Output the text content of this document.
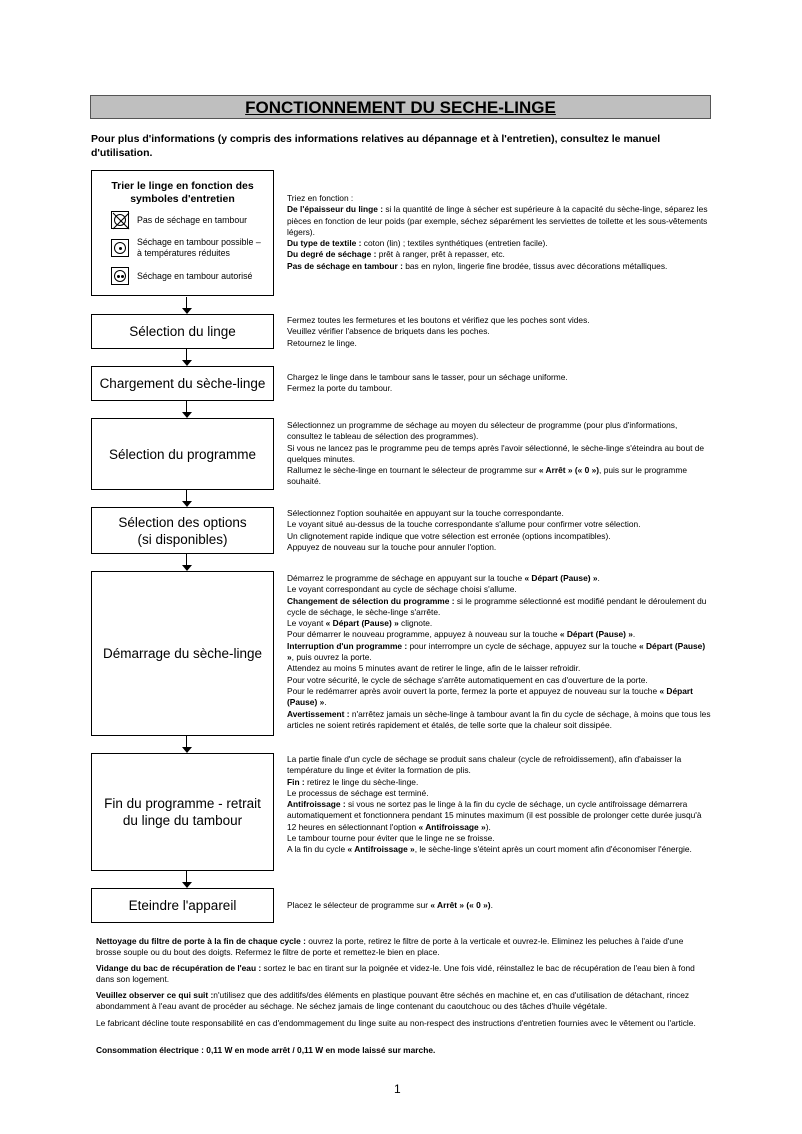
FONCTIONNEMENT DU SECHE-LINGE
Pour plus d'informations (y compris des informations relatives au dépannage et à l'entretien), consultez le manuel d'utilisation.
Trier le linge en fonction des
symboles d'entretien
Pas de séchage en tambour
Séchage en tambour possible –
à températures réduites
Séchage en tambour autorisé

Triez en fonction :

De l'épaisseur du linge : si la quantité de linge à sécher est supérieure à la capacité du sèche-linge, séparez les pièces en fonction de leur poids (par exemple, séchez séparément les serviettes de toilette et les sous-vêtements légers).

Du type de textile : coton (lin) ; textiles synthétiques (entretien facile).

Du degré de séchage : prêt à ranger, prêt à repasser, etc.

Pas de séchage en tambour : bas en nylon, lingerie fine brodée, tissus avec décorations métalliques.

Sélection du linge

Fermez toutes les fermetures et les boutons et vérifiez que les poches sont vides.

Veuillez vérifier l'absence de briquets dans les poches.

Retournez le linge.

Chargement du sèche-linge	Chargez le linge dans le tambour sans le tasser, pour un séchage uniforme.

Fermez la porte du tambour.

Sélection du programme

Sélectionnez un programme de séchage au moyen du sélecteur de programme (pour plus d'informations, consultez le tableau de sélection des programmes).

Si vous ne lancez pas le programme peu de temps après l'avoir sélectionné, le sèche-linge s'éteindra au bout de quelques minutes.

Rallumez le sèche-linge en tournant le sélecteur de programme sur « Arrêt » (« 0 »), puis sur le programme souhaité.

Sélection des options
(si disponibles)

Sélectionnez l'option souhaitée en appuyant sur la touche correspondante.

Le voyant situé au-dessus de la touche correspondante s'allume pour confirmer votre sélection.

Un clignotement rapide indique que votre sélection est erronée (options incompatibles).

Appuyez de nouveau sur la touche pour annuler l'option.

Démarrage du sèche-linge

Démarrez le programme de séchage en appuyant sur la touche « Départ (Pause) ».

Le voyant correspondant au cycle de séchage choisi s'allume.

Changement de sélection du programme : si le programme sélectionné est modifié pendant le déroulement du cycle de séchage, le sèche-linge s'arrête.

Le voyant « Départ (Pause) » clignote.

Pour démarrer le nouveau programme, appuyez à nouveau sur la touche « Départ (Pause) ».

Interruption d'un programme : pour interrompre un cycle de séchage, appuyez sur la touche « Départ (Pause) », puis ouvrez la porte.

Attendez au moins 5 minutes avant de retirer le linge, afin de le laisser refroidir.

Pour votre sécurité, le cycle de séchage s'arrête automatiquement en cas d'ouverture de la porte.

Pour le redémarrer après avoir ouvert la porte, fermez la porte et appuyez de nouveau sur la touche « Départ (Pause) ».

Avertissement : n'arrêtez jamais un sèche-linge à tambour avant la fin du cycle de séchage, à moins que tous les articles ne soient retirés rapidement et étalés, de telle sorte que la chaleur soit dissipée.

Fin du programme - retrait
du linge du tambour

La partie finale d'un cycle de séchage se produit sans chaleur (cycle de refroidissement), afin d'abaisser la température du linge et éviter la formation de plis.

Fin : retirez le linge du sèche-linge.

Le processus de séchage est terminé.

Antifroissage : si vous ne sortez pas le linge à la fin du cycle de séchage, un cycle antifroissage démarrera automatiquement et fonctionnera pendant 15 minutes maximum (il est possible de prolonger cette durée jusqu'à 12 heures en sélectionnant l'option « Antifroissage »).

Le tambour tourne pour éviter que le linge ne se froisse.

A la fin du cycle « Antifroissage », le sèche-linge s'éteint après un court moment afin d'économiser l'énergie.

Eteindre l'appareil	Placez le sélecteur de programme sur « Arrêt » (« 0 »).

Nettoyage du filtre de porte à la fin de chaque cycle : ouvrez la porte, retirez le filtre de porte à la verticale et ouvrez-le. Eliminez les peluches à l'aide d'une brosse souple ou du bout des doigts. Refermez le filtre de porte et remettez-le bien en place.

Vidange du bac de récupération de l'eau : sortez le bac en tirant sur la poignée et videz-le. Une fois vidé, réinstallez le bac de récupération de l'eau bien à fond dans son logement.

Veuillez observer ce qui suit :n'utilisez que des additifs/des éléments en plastique pouvant être séchés en machine et, en cas d'utilisation de détachant, rincez abondamment à l'eau avant de procéder au séchage. Ne séchez jamais de linge contenant du caoutchouc ou des tâches d'huile végétale.

Le fabricant décline toute responsabilité en cas d'endommagement du linge suite au non-respect des instructions d'entretien fournies avec le vêtement ou l'article.

Consommation électrique : 0,11 W en mode arrêt / 0,11 W en mode laissé sur marche.

1
